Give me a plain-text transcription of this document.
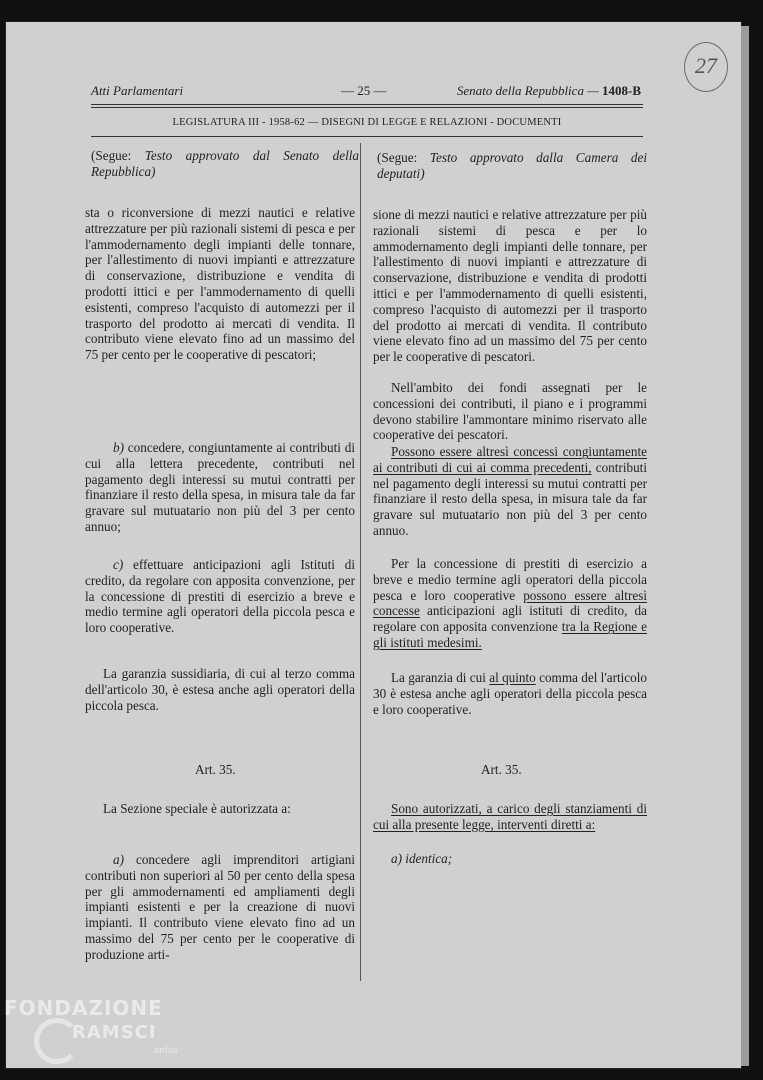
27
Atti Parlamentari	— 25 —	Senato della Repubblica — 1408-B
LEGISLATURA III - 1958-62 — DISEGNI DI LEGGE E RELAZIONI - DOCUMENTI
(Segue: Testo approvato dal Senato della Repubblica)
sta o riconversione di mezzi nautici e relative attrezzature per più razionali sistemi di pesca e per l'ammodernamento degli impianti delle tonnare, per l'allestimento di nuovi impianti e attrezzature di conservazione, distribuzione e vendita di prodotti ittici e per l'ammodernamento di quelli esistenti, compreso l'acquisto di automezzi per il trasporto del prodotto ai mercati di vendita. Il contributo viene elevato fino ad un massimo del 75 per cento per le cooperative di pescatori;
b) concedere, congiuntamente ai contributi di cui alla lettera precedente, contributi nel pagamento degli interessi su mutui contratti per finanziare il resto della spesa, in misura tale da far gravare sul mutuatario non più del 3 per cento annuo;
c) effettuare anticipazioni agli Istituti di credito, da regolare con apposita convenzione, per la concessione di prestiti di esercizio a breve e medio termine agli operatori della piccola pesca e loro cooperative.
La garanzia sussidiaria, di cui al terzo comma dell'articolo 30, è estesa anche agli operatori della piccola pesca.
Art. 35.
La Sezione speciale è autorizzata a:
a) concedere agli imprenditori artigiani contributi non superiori al 50 per cento della spesa per gli ammodernamenti ed ampliamenti degli impianti esistenti e per la creazione di nuovi impianti. Il contributo viene elevato fino ad un massimo del 75 per cento per le cooperative di produzione arti-
(Segue: Testo approvato dalla Camera dei deputati)
sione di mezzi nautici e relative attrezzature per più razionali sistemi di pesca e per lo ammodernamento degli impianti delle tonnare, per l'allestimento di nuovi impianti e attrezzature di conservazione, distribuzione e vendita di prodotti ittici e per l'ammodernamento di quelli esistenti, compreso l'acquisto di automezzi per il trasporto del prodotto ai mercati di vendita. Il contributo viene elevato fino ad un massimo del 75 per cento per le cooperative di pescatori.
Nell'ambito dei fondi assegnati per le concessioni dei contributi, il piano e i programmi devono stabilire l'ammontare minimo riservato alle cooperative dei pescatori.
Possono essere altresì concessi congiuntamente ai contributi di cui ai comma precedenti, contributi nel pagamento degli interessi su mutui contratti per finanziare il resto della spesa, in misura tale da far gravare sul mutuatario non più del 3 per cento annuo.
Per la concessione di prestiti di esercizio a breve e medio termine agli operatori della piccola pesca e loro cooperative possono essere altresì concesse anticipazioni agli istituti di credito, da regolare con apposita convenzione tra la Regione e gli istituti medesimi.
La garanzia di cui al quinto comma del l'articolo 30 è estesa anche agli operatori della piccola pesca e loro cooperative.
Art. 35.
Sono autorizzati, a carico degli stanziamenti di cui alla presente legge, interventi diretti a:
a) identica;
FONDAZIONE
RAMSCI
onlus
